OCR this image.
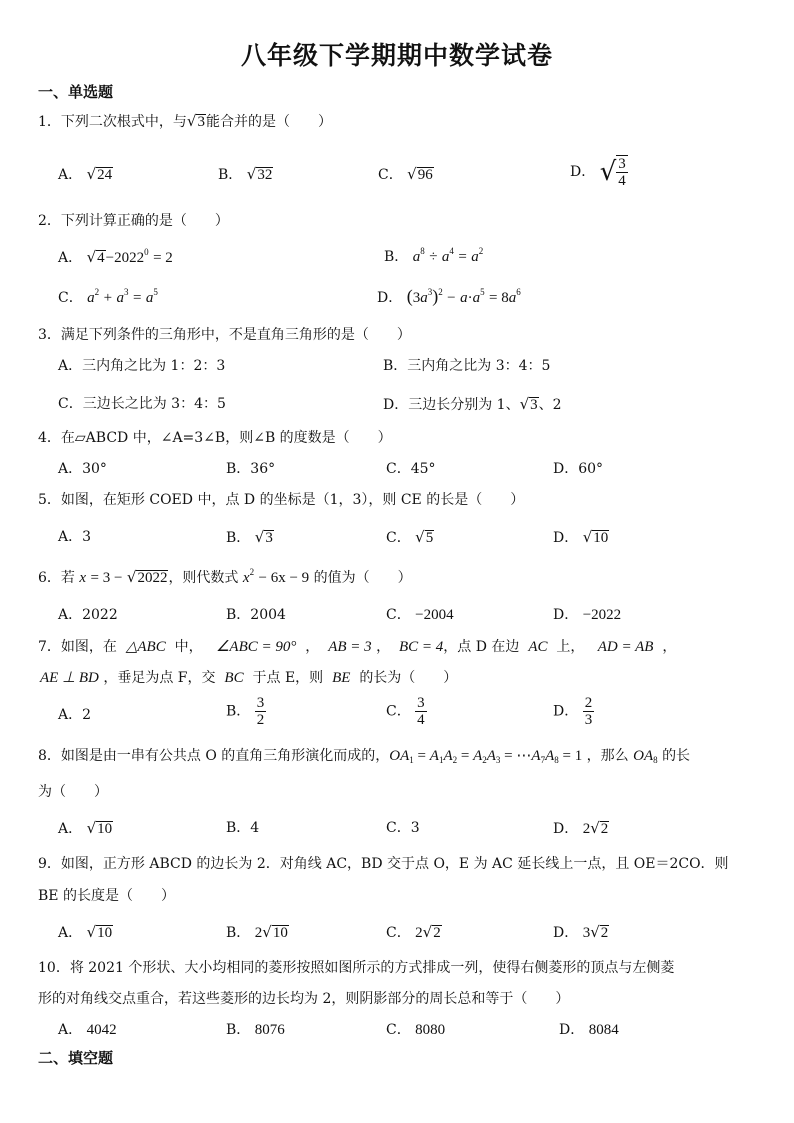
八年级下学期期中数学试卷
一、单选题
1．下列二次根式中，与√3能合并的是（　　）
A． √24	B． √32	C． √96	D． √ $\frac{3}{4}$
2．下列计算正确的是（　　）
A． $√4-2022^0 = 2$	B． $a^8 \div a^4 = a^2$
C． $a^2 + a^3 = a^5$	D． $(3a^3)^2 - a\cdot a^5 = 8a^6$
3．满足下列条件的三角形中，不是直角三角形的是（　　）
A．三内角之比为 1：2：3	B．三内角之比为 3：4：5
C．三边长之比为 3：4：5	D．三边长分别为 1、√3、2
4．在▱ABCD 中，∠A=3∠B，则∠B 的度数是（　　）
A．30°	B．36°	C．45°	D．60°
5．如图，在矩形 COED 中，点 D 的坐标是（1，3），则 CE 的长是（　　）
A．3	B． √3	C． √5	D． √10
6．若 x = 3 − √2022，则代数式 $x^2 - 6x - 9$ 的值为（　　）
A．2022	B．2004	C． −2004	D． −2022
7．如图，在 △ABC 中， ∠ABC = 90°  ，  AB = 3 ，  BC = 4，点 D 在边 AC 上， AD = AB  ，
AE ⊥ BD ，垂足为点 F，交 BC 于点 E，则 BE 的长为（　　）
A．2	B． $\frac{3}{2}$	C． $\frac{3}{4}$	D． $\frac{2}{3}$
8．如图是由一串有公共点 O 的直角三角形演化而成的，$OA_1 = A_1A_2 = A_2A_3$ = $\cdots A_7A_8 = 1$ ，那么 $OA_8$ 的长
为（　　）
A． √10	B．4	C．3	D． 2√2
9．如图，正方形 ABCD 的边长为 2．对角线 AC，BD 交于点 O，E 为 AC 延长线上一点，且 OE＝2CO．则
BE 的长度是（　　）
A． √10	B． 2√10	C． 2√2	D． 3√2
10．将 2021 个形状、大小均相同的菱形按照如图所示的方式排成一列，使得右侧菱形的顶点与左侧菱
形的对角线交点重合，若这些菱形的边长均为 2，则阴影部分的周长总和等于（　　）
A． 4042	B． 8076	C． 8080	D． 8084
二、填空题
